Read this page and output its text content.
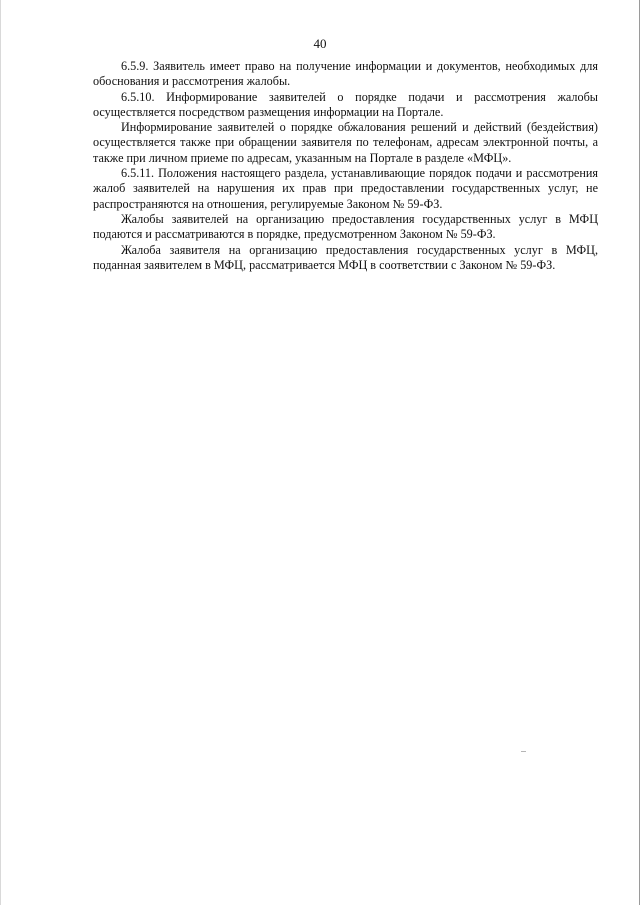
40

6.5.9. Заявитель имеет право на получение информации и документов, необходимых для обоснования и рассмотрения жалобы.

6.5.10. Информирование заявителей о порядке подачи и рассмотрения жалобы осуществляется посредством размещения информации на Портале.

Информирование заявителей о порядке обжалования решений и действий (бездействия) осуществляется также при обращении заявителя по телефонам, адресам электронной почты, а также при личном приеме по адресам, указанным на Портале в разделе «МФЦ».

6.5.11. Положения настоящего раздела, устанавливающие порядок подачи и рассмотрения жалоб заявителей на нарушения их прав при предоставлении государственных услуг, не распространяются на отношения, регулируемые Законом № 59-ФЗ.

Жалобы заявителей на организацию предоставления государственных услуг в МФЦ подаются и рассматриваются в порядке, предусмотренном Законом № 59-ФЗ.

Жалоба заявителя на организацию предоставления государственных услуг в МФЦ, поданная заявителем в МФЦ, рассматривается МФЦ в соответствии с Законом № 59-ФЗ.
